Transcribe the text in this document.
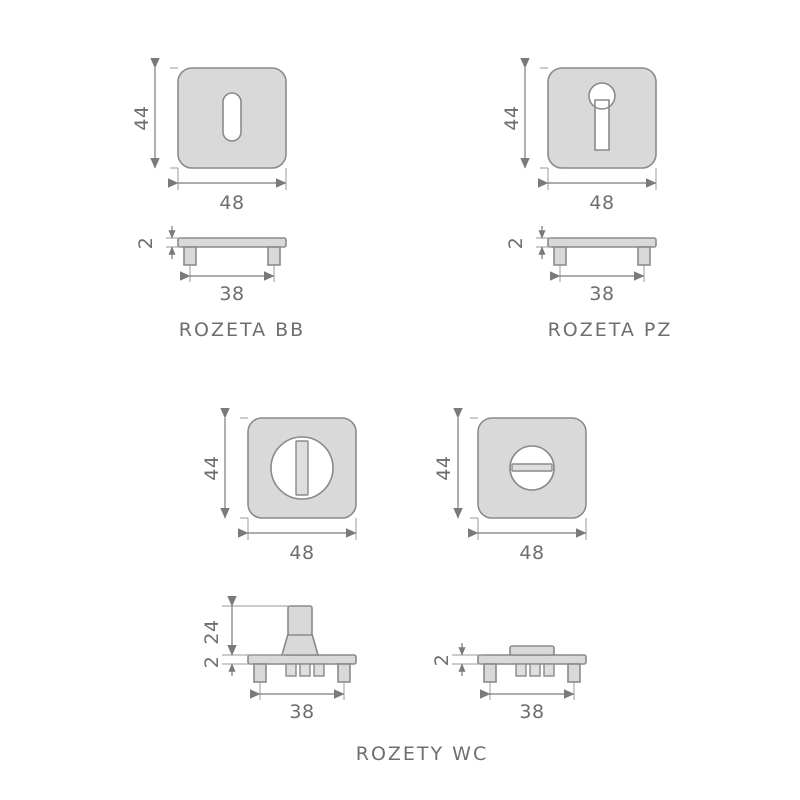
44
48
2
38
ROZETA BB
44
48
2
38
ROZETA PZ
44
48
24
2
38
44
48
2
38
ROZETY WC
